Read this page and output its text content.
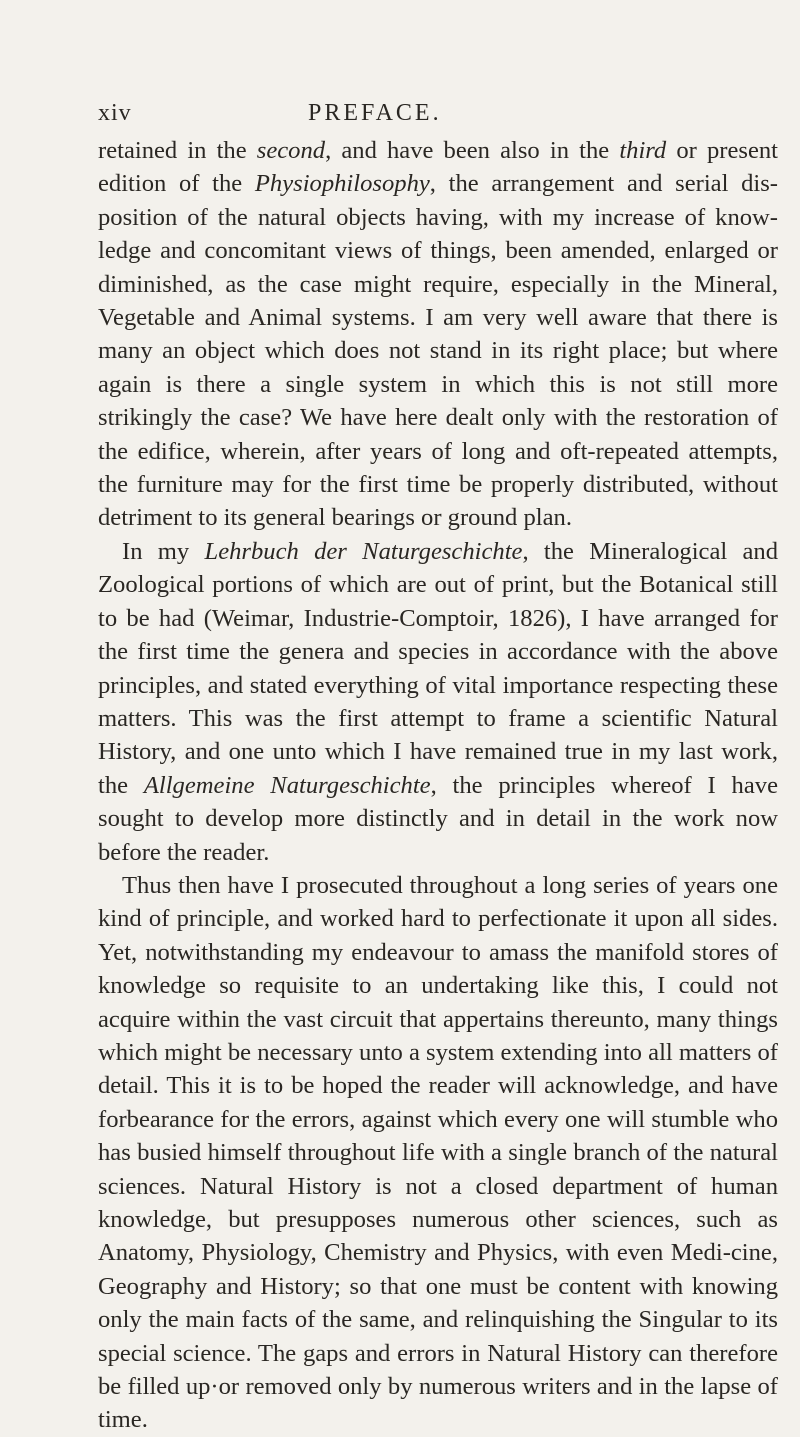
xiv	PREFACE.

retained in the second, and have been also in the third or present edition of the Physiophilosophy, the arrangement and serial dis-position of the natural objects having, with my increase of know-ledge and concomitant views of things, been amended, enlarged or diminished, as the case might require, especially in the Mineral, Vegetable and Animal systems. I am very well aware that there is many an object which does not stand in its right place; but where again is there a single system in which this is not still more strikingly the case? We have here dealt only with the restoration of the edifice, wherein, after years of long and oft-repeated attempts, the furniture may for the first time be properly distributed, without detriment to its general bearings or ground plan.

In my Lehrbuch der Naturgeschichte, the Mineralogical and Zoological portions of which are out of print, but the Botanical still to be had (Weimar, Industrie-Comptoir, 1826), I have arranged for the first time the genera and species in accordance with the above principles, and stated everything of vital importance respecting these matters. This was the first attempt to frame a scientific Natural History, and one unto which I have remained true in my last work, the Allgemeine Naturgeschichte, the principles whereof I have sought to develop more distinctly and in detail in the work now before the reader.

Thus then have I prosecuted throughout a long series of years one kind of principle, and worked hard to perfectionate it upon all sides. Yet, notwithstanding my endeavour to amass the manifold stores of knowledge so requisite to an undertaking like this, I could not acquire within the vast circuit that appertains thereunto, many things which might be necessary unto a system extending into all matters of detail. This it is to be hoped the reader will acknowledge, and have forbearance for the errors, against which every one will stumble who has busied himself throughout life with a single branch of the natural sciences. Natural History is not a closed department of human knowledge, but presupposes numerous other sciences, such as Anatomy, Physiology, Chemistry and Physics, with even Medi-cine, Geography and History; so that one must be content with knowing only the main facts of the same, and relinquishing the Singular to its special science. The gaps and errors in Natural History can therefore be filled up·or removed only by numerous writers and in the lapse of time.
